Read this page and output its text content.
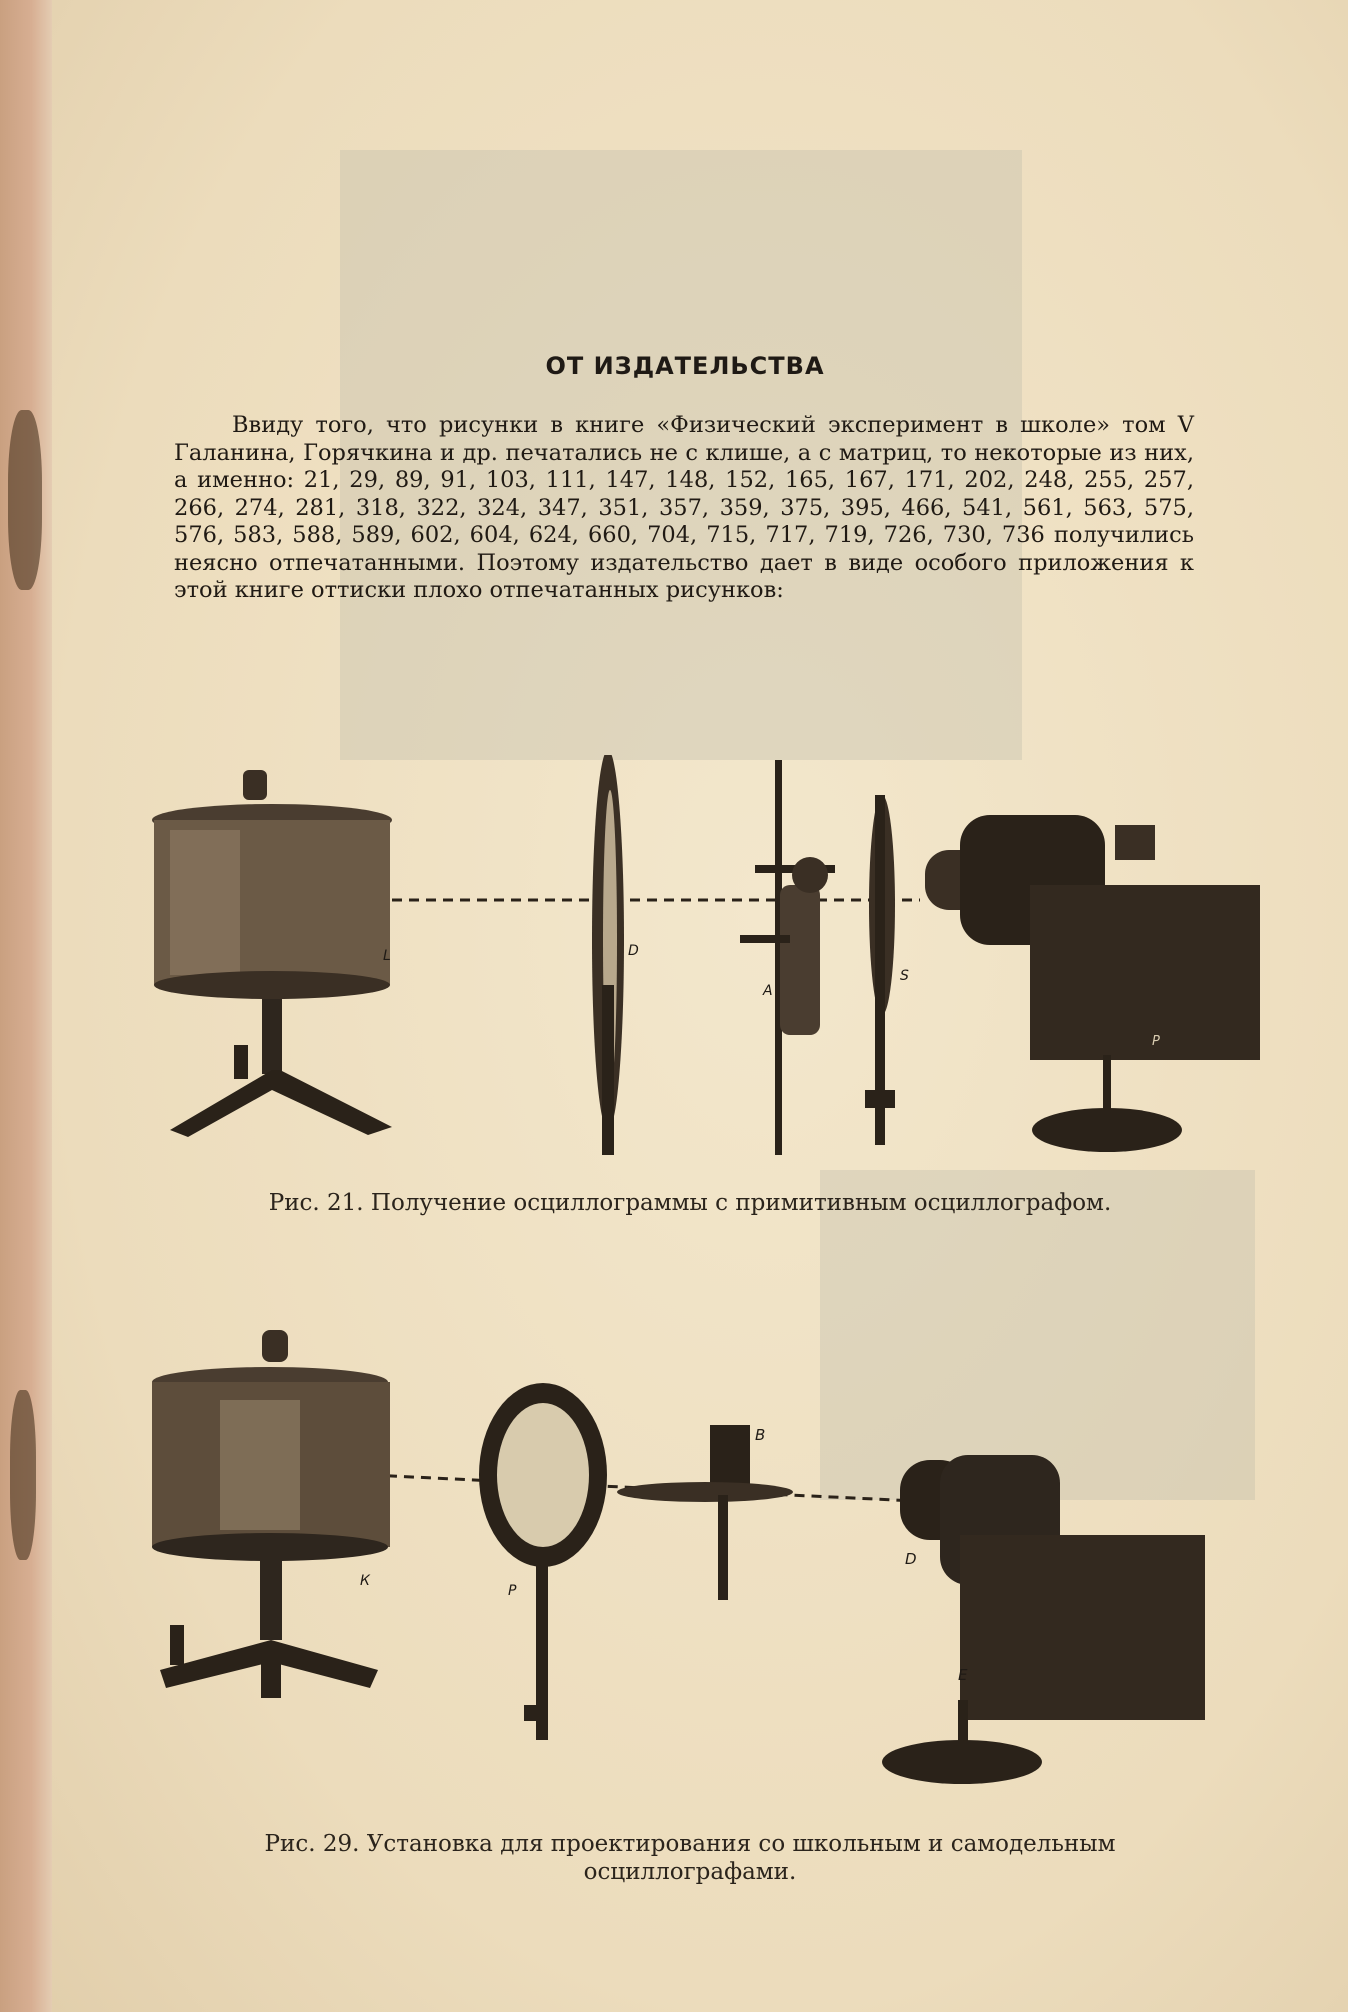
ОТ ИЗДАТЕЛЬСТВА

Ввиду того, что рисунки в книге «Физический эксперимент в школе» том V Галанина, Горячкина и др. печатались не с клише, а с матриц, то некоторые из них, а именно: 21, 29, 89, 91, 103, 111, 147, 148, 152, 165, 167, 171, 202, 248, 255, 257, 266, 274, 281, 318, 322, 324, 347, 351, 357, 359, 375, 395, 466, 541, 561, 563, 575, 576, 583, 588, 589, 602, 604, 624, 660, 704, 715, 717, 719, 726, 730, 736 получились неясно отпечатанными. Поэтому издательство дает в виде особого приложения к этой книге оттиски плохо отпечатанных рисунков:

L	D
A
S
P
Рис. 21. Получение осциллограммы с примитивным осциллографом.
К
P
B
D
E
Рис. 29. Установка для проектирования со школьным и самодельным осциллографами.
